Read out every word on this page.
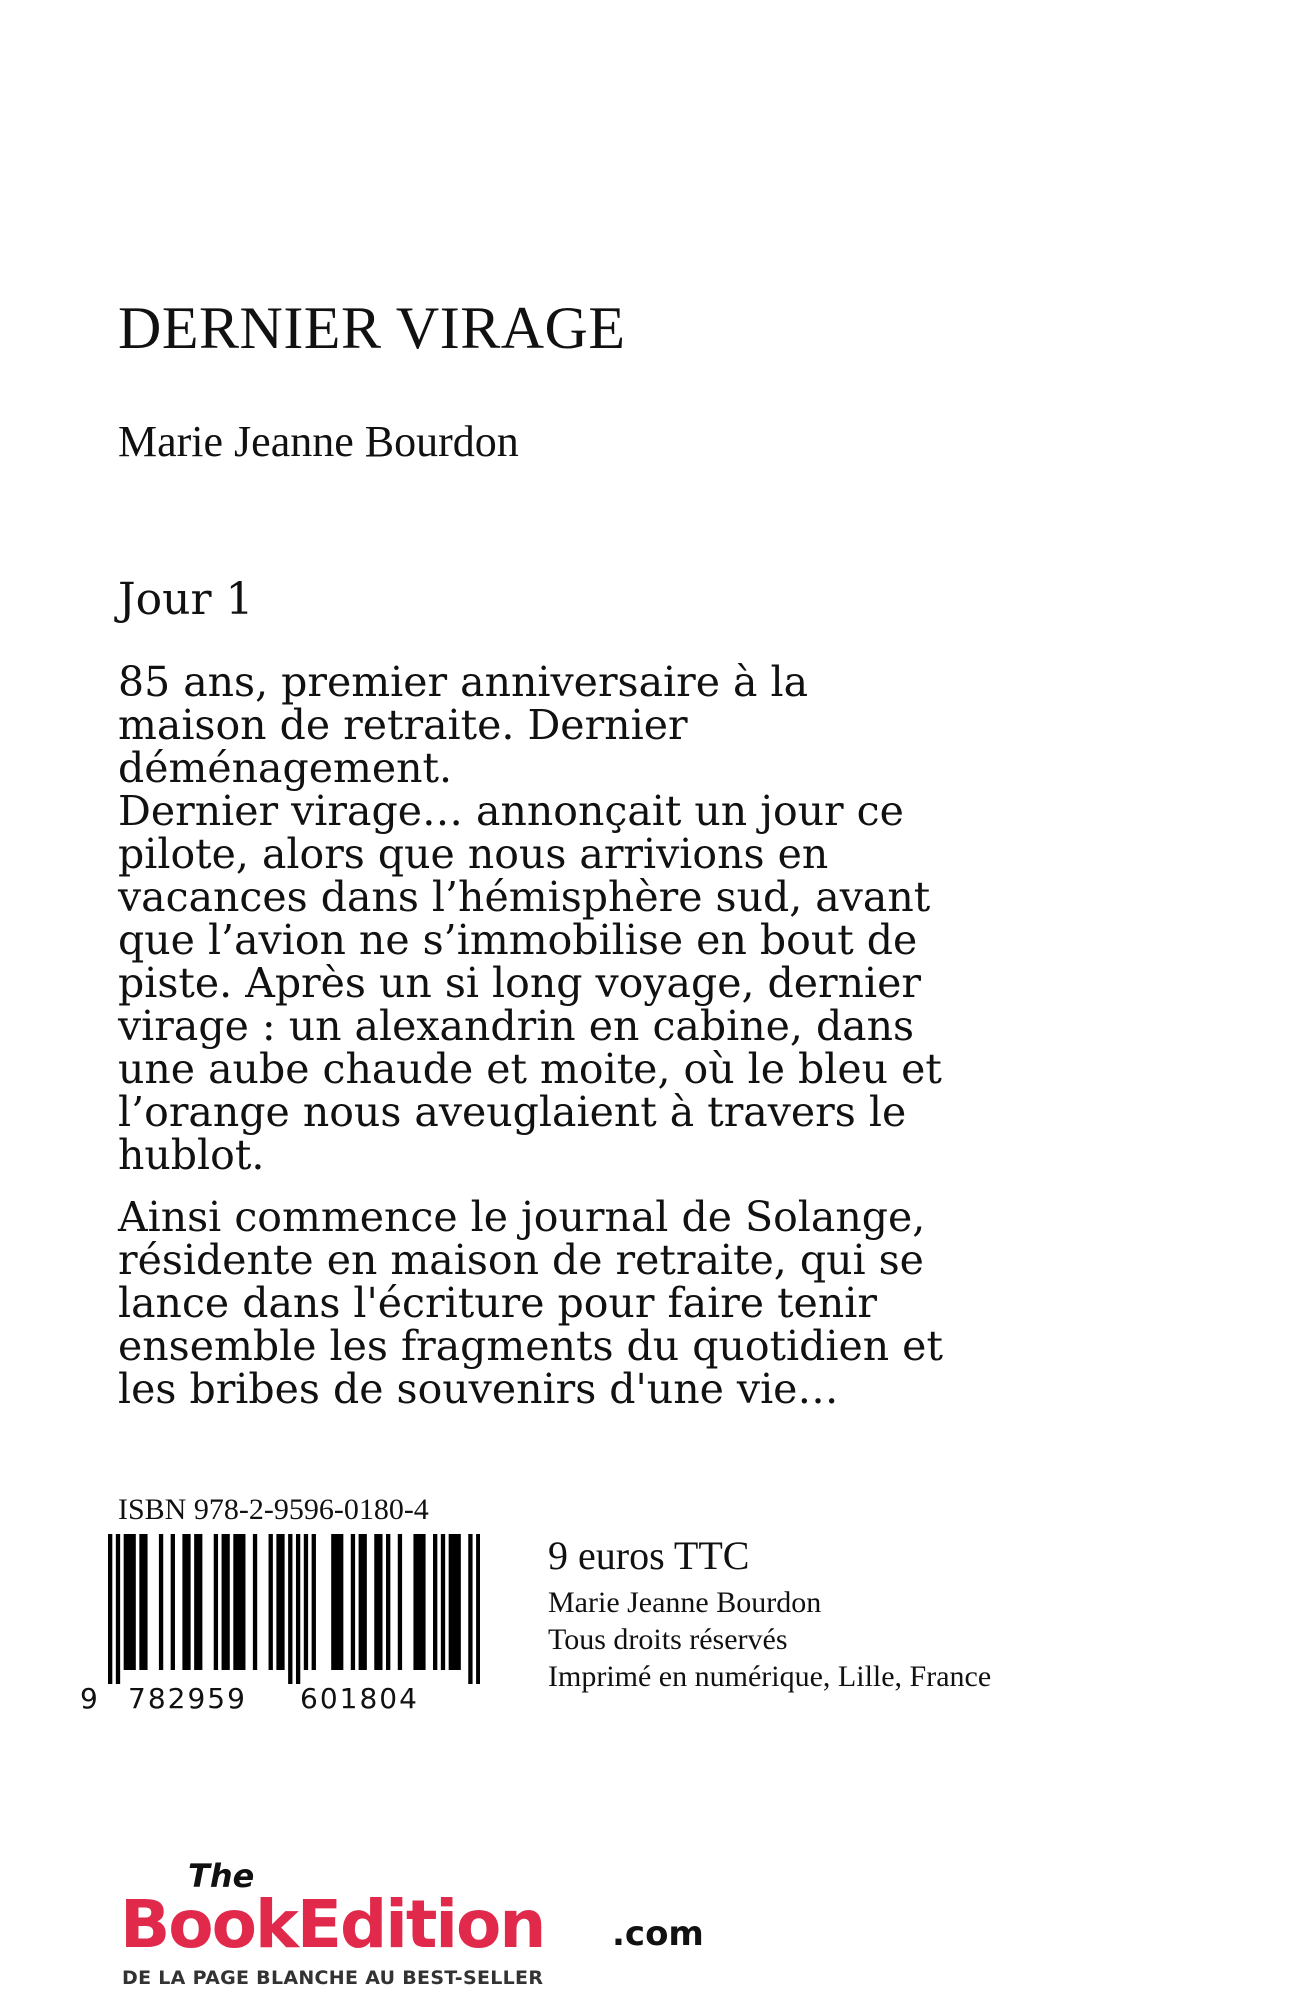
DERNIER VIRAGE
Marie Jeanne Bourdon
Jour 1
85 ans, premier anniversaire à la
maison de retraite. Dernier
déménagement.
Dernier virage… annonçait un jour ce
pilote, alors que nous arrivions en
vacances dans l’hémisphère sud, avant
que l’avion ne s’immobilise en bout de
piste. Après un si long voyage, dernier
virage : un alexandrin en cabine, dans
une aube chaude et moite, où le bleu et
l’orange nous aveuglaient à travers le
hublot.
Ainsi commence le journal de Solange,
résidente en maison de retraite, qui se
lance dans l'écriture pour faire tenir
ensemble les fragments du quotidien et
les bribes de souvenirs d'une vie…
ISBN 978-2-9596-0180-4
9 782959 601804
9 euros TTC
Marie Jeanne Bourdon
Tous droits réservés
Imprimé en numérique, Lille, France
The
BookEdition .com
DE LA PAGE BLANCHE AU BEST-SELLER
